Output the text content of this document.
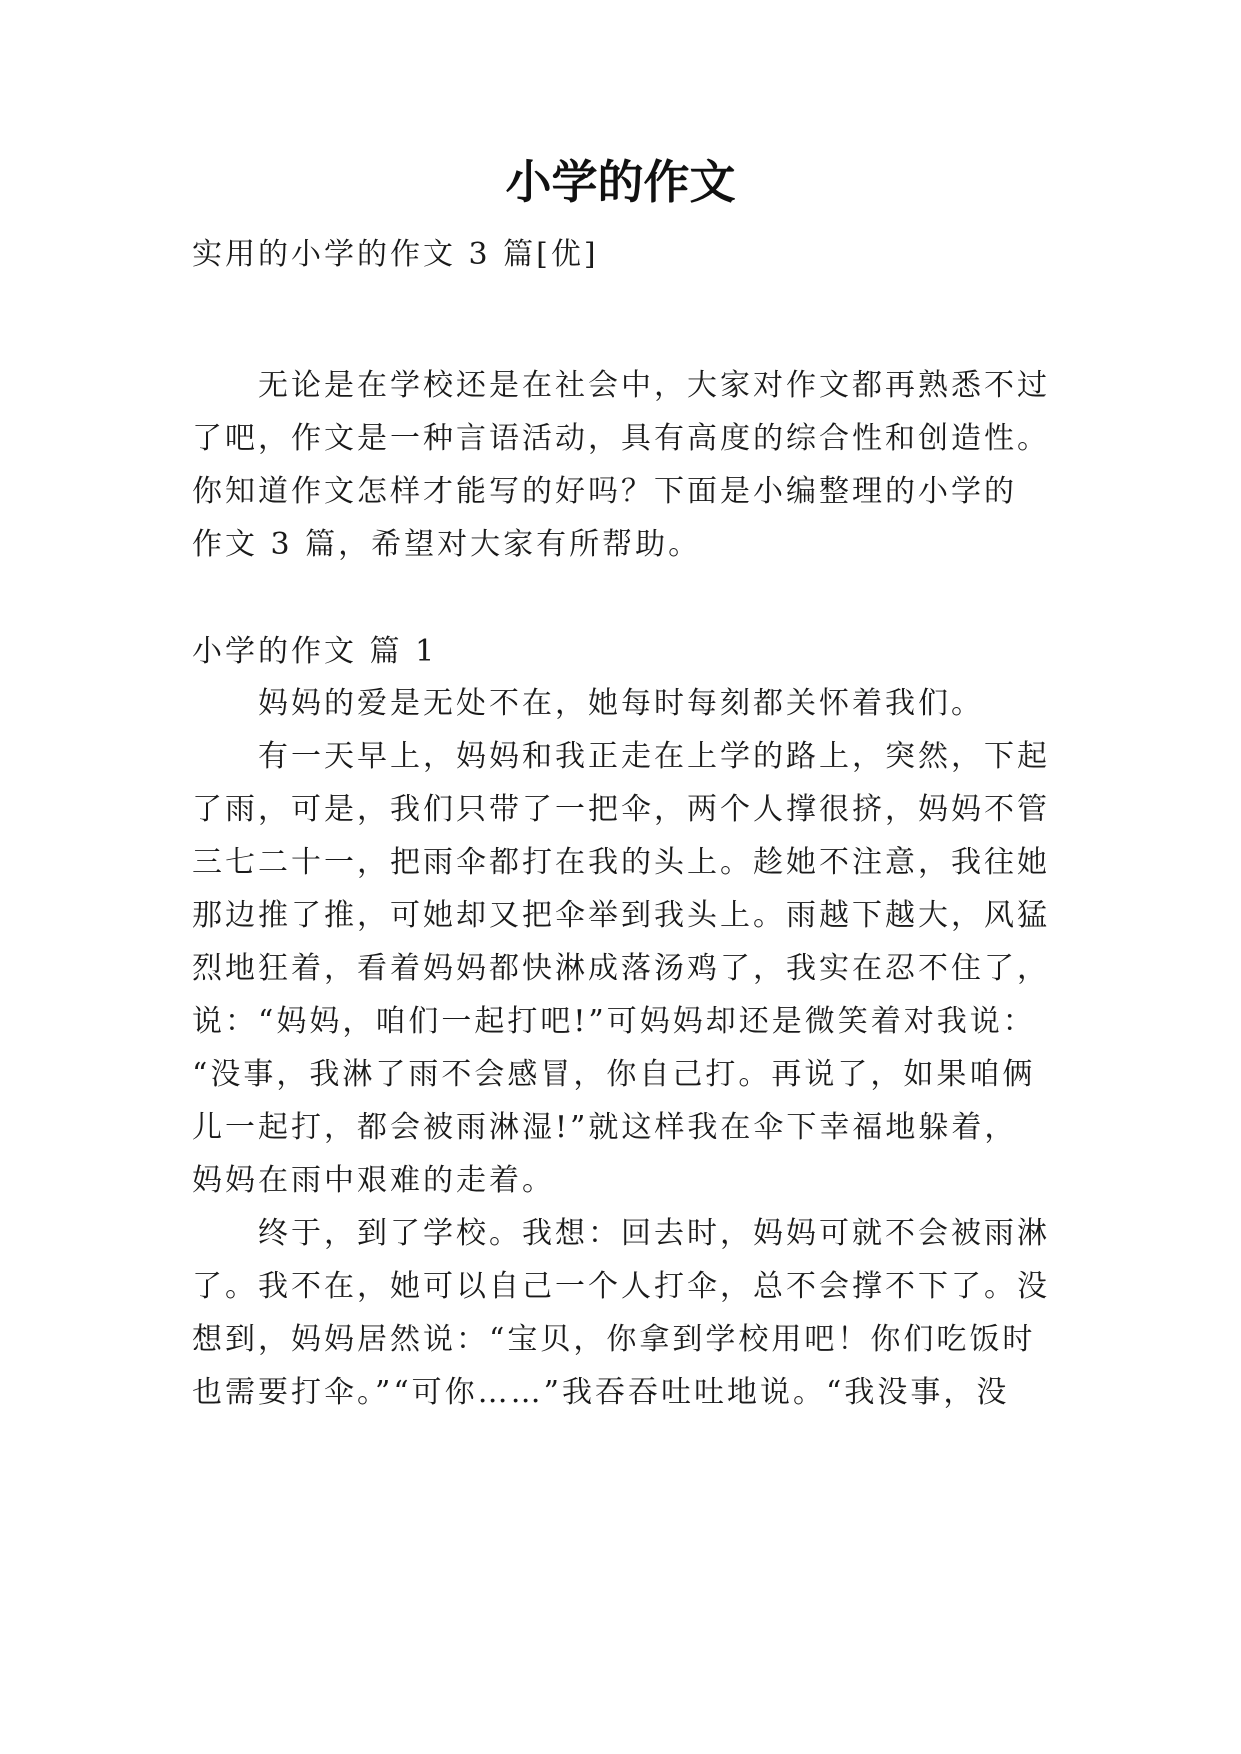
小学的作文
实用的小学的作文 3 篇[优]
无论是在学校还是在社会中，大家对作文都再熟悉不过
了吧，作文是一种言语活动，具有高度的综合性和创造性。
你知道作文怎样才能写的好吗？下面是小编整理的小学的
作文 3 篇，希望对大家有所帮助。
小学的作文 篇 1
妈妈的爱是无处不在，她每时每刻都关怀着我们。
有一天早上，妈妈和我正走在上学的路上，突然，下起
了雨，可是，我们只带了一把伞，两个人撑很挤，妈妈不管
三七二十一，把雨伞都打在我的头上。趁她不注意，我往她
那边推了推，可她却又把伞举到我头上。雨越下越大，风猛
烈地狂着，看着妈妈都快淋成落汤鸡了，我实在忍不住了，
说：“妈妈，咱们一起打吧!”可妈妈却还是微笑着对我说：
“没事，我淋了雨不会感冒，你自己打。再说了，如果咱俩
儿一起打，都会被雨淋湿!”就这样我在伞下幸福地躲着，
妈妈在雨中艰难的走着。
终于，到了学校。我想：回去时，妈妈可就不会被雨淋
了。我不在，她可以自己一个人打伞，总不会撑不下了。没
想到，妈妈居然说：“宝贝，你拿到学校用吧！你们吃饭时
也需要打伞。”“可你……”我吞吞吐吐地说。“我没事，没
